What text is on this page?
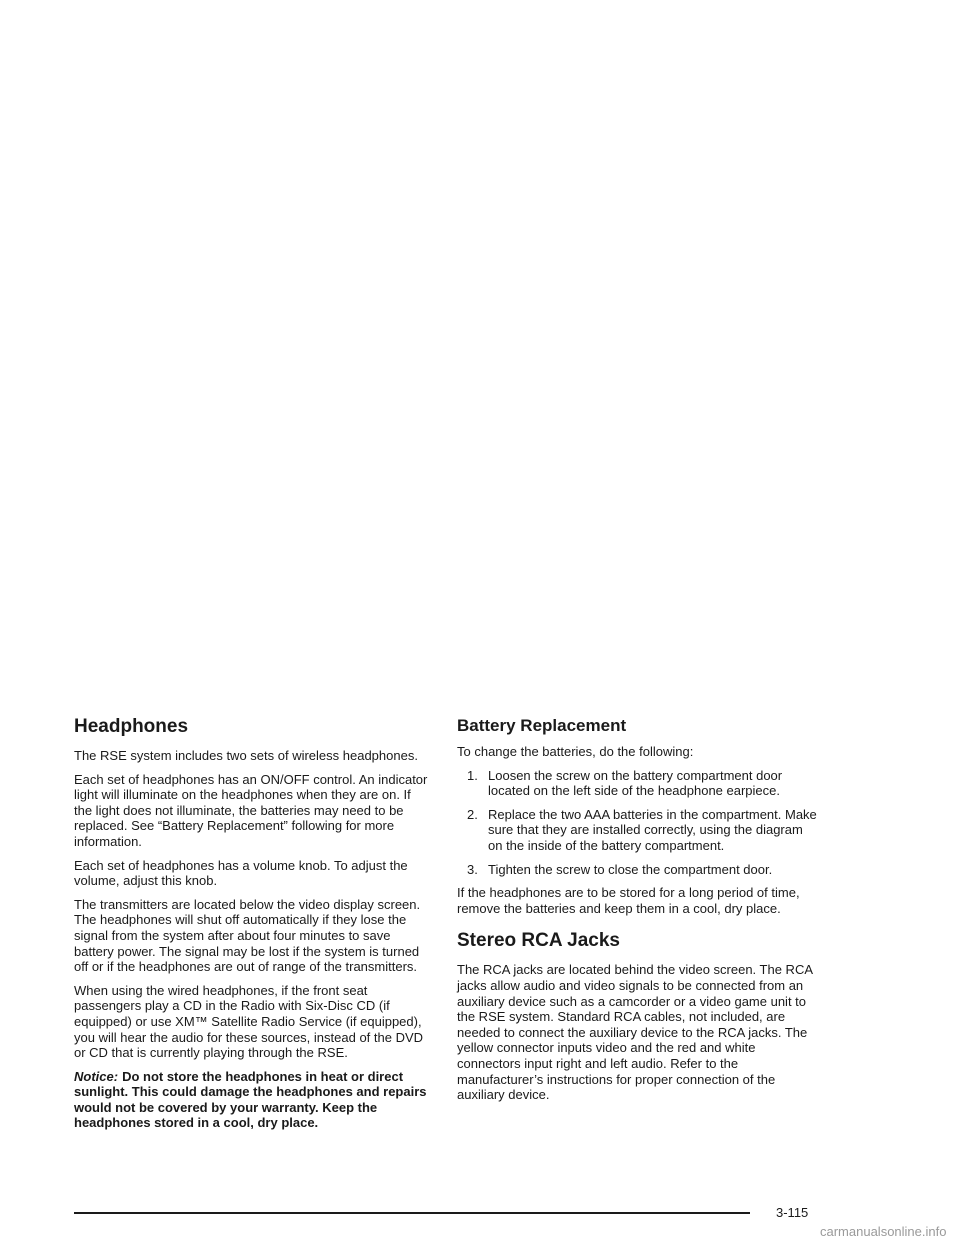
Headphones

The RSE system includes two sets of wireless headphones.

Each set of headphones has an ON/OFF control. An indicator light will illuminate on the headphones when they are on. If the light does not illuminate, the batteries may need to be replaced. See “Battery Replacement” following for more information.

Each set of headphones has a volume knob. To adjust the volume, adjust this knob.

The transmitters are located below the video display screen. The headphones will shut off automatically if they lose the signal from the system after about four minutes to save battery power. The signal may be lost if the system is turned off or if the headphones are out of range of the transmitters.

When using the wired headphones, if the front seat passengers play a CD in the Radio with Six-Disc CD (if equipped) or use XM™ Satellite Radio Service (if equipped), you will hear the audio for these sources, instead of the DVD or CD that is currently playing through the RSE.

Notice: Do not store the headphones in heat or direct sunlight. This could damage the headphones and repairs would not be covered by your warranty. Keep the headphones stored in a cool, dry place.

Battery Replacement

To change the batteries, do the following:

1. Loosen the screw on the battery compartment door located on the left side of the headphone earpiece.
2. Replace the two AAA batteries in the compartment. Make sure that they are installed correctly, using the diagram on the inside of the battery compartment.
3. Tighten the screw to close the compartment door.

If the headphones are to be stored for a long period of time, remove the batteries and keep them in a cool, dry place.

Stereo RCA Jacks

The RCA jacks are located behind the video screen. The RCA jacks allow audio and video signals to be connected from an auxiliary device such as a camcorder or a video game unit to the RSE system. Standard RCA cables, not included, are needed to connect the auxiliary device to the RCA jacks. The yellow connector inputs video and the red and white connectors input right and left audio. Refer to the manufacturer’s instructions for proper connection of the auxiliary device.

3-115
carmanualsonline.info
